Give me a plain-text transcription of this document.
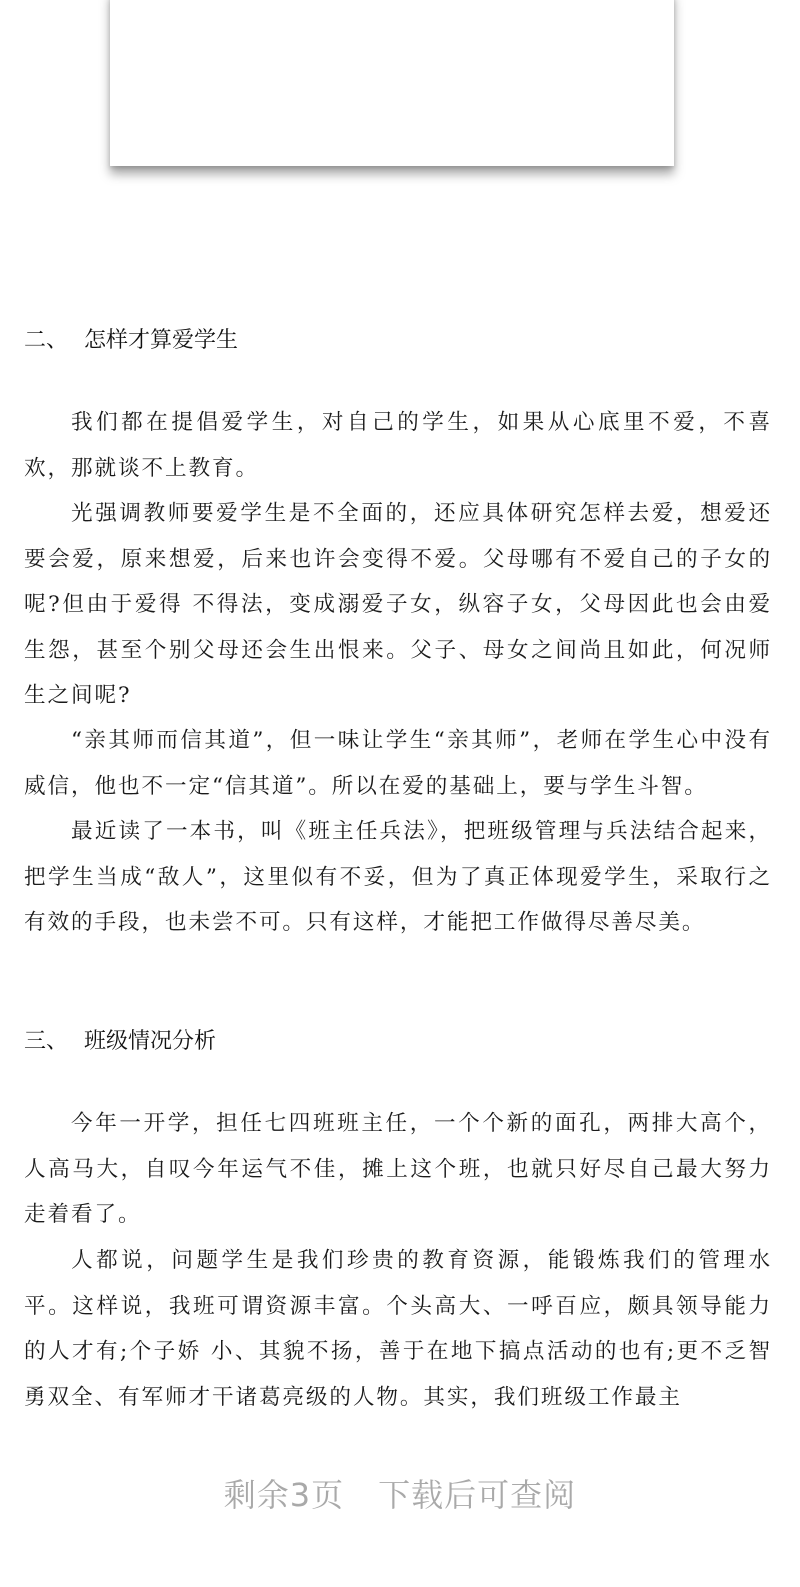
二、 怎样才算爱学生

我们都在提倡爱学生，对自己的学生，如果从心底里不爱，不喜欢，那就谈不上教育。

光强调教师要爱学生是不全面的，还应具体研究怎样去爱，想爱还要会爱，原来想爱，后来也许会变得不爱。父母哪有不爱自己的子女的呢?但由于爱得 不得法，变成溺爱子女，纵容子女，父母因此也会由爱生怨，甚至个别父母还会生出恨来。父子、母女之间尚且如此，何况师生之间呢?

“亲其师而信其道”，但一味让学生“亲其师”，老师在学生心中没有威信，他也不一定“信其道”。所以在爱的基础上，要与学生斗智。

最近读了一本书，叫《班主任兵法》，把班级管理与兵法结合起来，把学生当成“敌人”，这里似有不妥，但为了真正体现爱学生，采取行之有效的手段，也未尝不可。只有这样，才能把工作做得尽善尽美。

三、 班级情况分析

今年一开学，担任七四班班主任，一个个新的面孔，两排大高个，人高马大，自叹今年运气不佳，摊上这个班，也就只好尽自己最大努力走着看了。

人都说，问题学生是我们珍贵的教育资源，能锻炼我们的管理水平。这样说，我班可谓资源丰富。个头高大、一呼百应，颇具领导能力的人才有;个子娇 小、其貌不扬，善于在地下搞点活动的也有;更不乏智勇双全、有军师才干诸葛亮级的人物。其实，我们班级工作最主

剩余3页 下载后可查阅
